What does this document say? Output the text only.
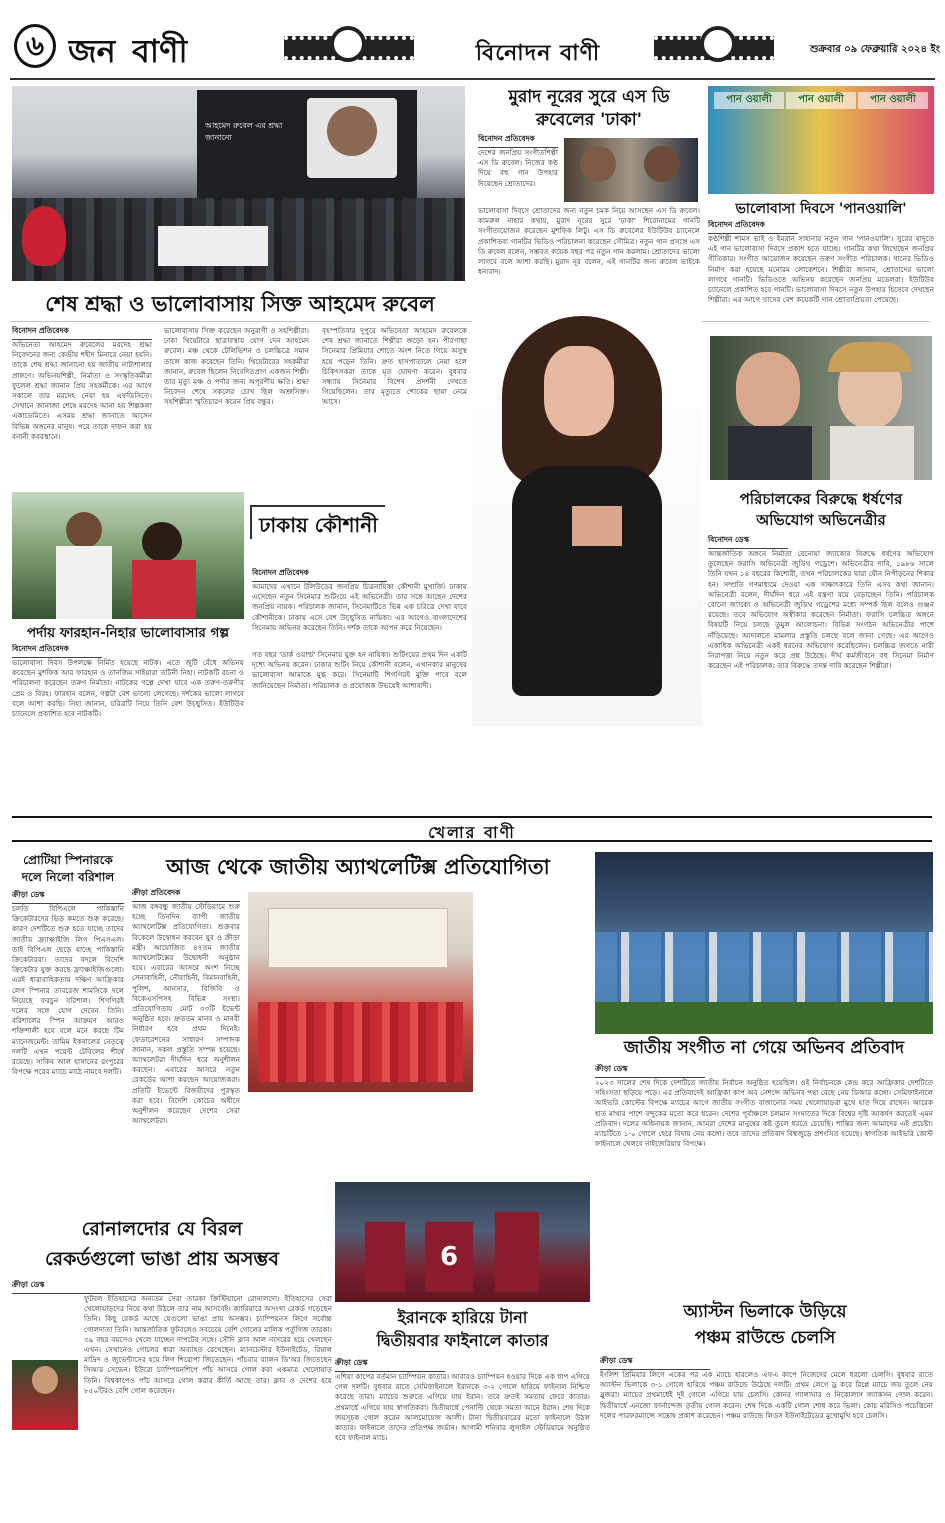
৬ জন বাণী	বিনোদন বাণী	শুক্রবার ০৯ ফেব্রুয়ারি ২০২৪ ইং
আহমেদ রুবেল এর শ্রদ্ধা জানানো
শেষ শ্রদ্ধা ও ভালোবাসায় সিক্ত আহমেদ রুবেল
বিনোদন প্রতিবেদক
অভিনেতা আহমেদ রুবেলের মরদেহ শ্রদ্ধা নিবেদনের জন্য কেন্দ্রীয় শহীদ মিনারে নেয়া হয়নি। তাকে শেষ শ্রদ্ধা জানানো হয় জাতীয় নাট্যশালার প্রাঙ্গণে। অভিনয়শিল্পী, নির্মাতা ও সংস্কৃতিকর্মীরা ফুলেল শ্রদ্ধা জানান প্রিয় সহকর্মীকে। এর আগে সকালে তার মরদেহ নেয়া হয় এফডিসিতে। সেখানে জানাজা শেষে মরদেহ আনা হয় শিল্পকলা একাডেমিতে। এসময় শ্রদ্ধা জানাতে আসেন বিভিন্ন অঙ্গনের মানুষ। পরে তাকে দাফন করা হয় বনানী কবরস্থানে।
ভালোবাসায় সিক্ত করেছেন অনুরাগী ও সহশিল্পীরা। ঢাকা থিয়েটারে ছাত্রাবস্থায় যোগ দেন আহমেদ রুবেল। মঞ্চ থেকে টেলিভিশন ও চলচ্চিত্রে সমান তালে কাজ করেছেন তিনি। থিয়েটারের সহকর্মীরা জানান, রুবেল ছিলেন নিবেদিতপ্রাণ একজন শিল্পী। তার মৃত্যু মঞ্চ ও পর্দার জন্য অপূরণীয় ক্ষতি। শ্রদ্ধা নিবেদন শেষে সকলের চোখ ছিল অশ্রুসিক্ত। সহশিল্পীরা স্মৃতিচারণ করেন প্রিয় বন্ধুর।
বৃহস্পতিবার দুপুরে অভিনেতা আহমেদ রুবেলকে শেষ শ্রদ্ধা জানাতে শিল্পীরা জড়ো হন। পীরগাছা সিনেমার প্রিমিয়ার শোতে অংশ নিতে গিয়ে অসুস্থ হয়ে পড়েন তিনি। দ্রুত হাসপাতালে নেয়া হলে চিকিৎসকরা তাকে মৃত ঘোষণা করেন। বুধবার সন্ধ্যায় সিনেমার বিশেষ প্রদর্শনী দেখতে গিয়েছিলেন। তার মৃত্যুতে শোকের ছায়া নেমে আসে।
মুরাদ নূরের সুরে এস ডি রুবেলের 'ঢাকা'
বিনোদন প্রতিবেদক
দেশের জনপ্রিয় সংগীতশিল্পী এস ডি রুবেল। নিজের কণ্ঠ দিয়ে বহু গান উপহার দিয়েছেন শ্রোতাদের।
ভালোবাসা দিবসে শ্রোতাদের জন্য নতুন চমক নিয়ে আসছেন এস ডি রুবেল। কামরুল নাহার কথায়, মুরাদ নূরের সুরে 'ঢাকা' শিরোনামের গানটি সংগীতায়োজন করেছেন মুশফিক লিটু। এস ডি রুবেলের ইউটিউব চ্যানেলে প্রকাশিতব্য গানটির ভিডিও পরিচালনা করেছেন সৌমিত্র। নতুন গান প্রসঙ্গে এস ডি রুবেল বলেন, সম্ভবত কয়েক বছর পর নতুন গান করলাম। শ্রোতাদের ভালো লাগবে বলে আশা করছি। মুরাদ নূর বলেন, এই গানটির জন্য রুবেল ভাইকে ধন্যবাদ।
ঢাকায় কৌশানী
বিনোদন প্রতিবেদক
আমাদের এখানে টলিউডের জনপ্রিয় চিত্রনায়িকা কৌশানী মুখার্জি। ঢাকায় এসেছেন নতুন সিনেমার শুটিংয়ে এই অভিনেত্রী। তার সঙ্গে আছেন দেশের জনপ্রিয় নায়ক। পরিচালক জানান, সিনেমাটিতে ভিন্ন এক চরিত্রে দেখা যাবে কৌশানীকে। ঢাকায় এসে বেশ উচ্ছ্বসিত নায়িকা। এর আগেও বাংলাদেশের সিনেমায় অভিনয় করেছেন তিনি। দর্শক তাকে আপন করে নিয়েছেন।
গত বছর 'ডার্ক ওয়ার্ল্ড' সিনেমায় যুক্ত হন নায়িকা। শুটিংয়ের প্রথম দিন একটি দৃশ্যে অভিনয় করেন। ঢাকার শুটিং নিয়ে কৌশানী বলেন, এখানকার মানুষের ভালোবাসা আমাকে মুগ্ধ করে। সিনেমাটি শিগগিরই মুক্তি পাবে বলে জানিয়েছেন নির্মাতা। পরিচালক ও প্রযোজক উভয়েই আশাবাদী।
পর্দায় ফারহান-নিহার ভালোবাসার গল্প
বিনোদন প্রতিবেদক
ভালোবাসা দিবস উপলক্ষে নির্মিত হয়েছে নাটক। এতে জুটি বেঁধে অভিনয় করেছেন মুশফিক আর ফারহান ও তানজিম সাইয়ারা তটিনী নিহা। নাটকটি রচনা ও পরিচালনা করেছেন তরুণ নির্মাতা। নাটকের গল্পে দেখা যাবে এক তরুণ-তরুণীর প্রেম ও বিরহ। ফারহান বলেন, গল্পটা বেশ ভালো লেগেছে। দর্শকের ভালো লাগবে বলে আশা করছি। নিহা জানান, চরিত্রটি নিয়ে তিনি বেশ উচ্ছ্বসিত। ইউটিউব চ্যানেলে প্রকাশিত হবে নাটকটি।
পান ওয়ালী	পান ওয়ালী	পান ওয়ালী
ভালোবাসা দিবসে 'পানওয়ালি'
বিনোদন প্রতিবেদক
কণ্ঠশিল্পী শামস ভাই ও ইমরান সাহানার নতুন গান 'পানওয়ালি'। সুরের যাদুতে এই গান ভালোবাসা দিবসে প্রকাশ হতে যাচ্ছে। গানটির কথা লিখেছেন জনপ্রিয় গীতিকার। সংগীত আয়োজন করেছেন তরুণ সংগীত পরিচালক। গানের ভিডিও নির্মাণ করা হয়েছে মনোরম লোকেশনে। শিল্পীরা জানান, শ্রোতাদের ভালো লাগবে গানটি। ভিডিওতে অভিনয় করেছেন জনপ্রিয় মডেলরা। ইউটিউব চ্যানেলে প্রকাশিত হবে গানটি। ভালোবাসা দিবসে নতুন উপহার হিসেবে দেখছেন শিল্পীরা। এর আগে তাদের বেশ কয়েকটি গান শ্রোতাপ্রিয়তা পেয়েছে।
পরিচালকের বিরুদ্ধে ধর্ষণের
অভিযোগ অভিনেত্রীর
বিনোদন ডেস্ক
আন্তর্জাতিক অঙ্গনে নির্মাতা বেনোয়া জ্যাকোর বিরুদ্ধে ধর্ষণের অভিযোগ তুলেছেন ফরাসি অভিনেত্রী জুডিথ গড্রেশে। অভিনেত্রীর দাবি, ১৯৮৬ সালে তিনি যখন ১৪ বছরের কিশোরী, তখন পরিচালকের দ্বারা যৌন নিপীড়নের শিকার হন। সম্প্রতি গণমাধ্যমে দেওয়া এক সাক্ষাৎকারে তিনি এসব কথা জানান। অভিনেত্রী বলেন, দীর্ঘদিন ধরে এই যন্ত্রণা বয়ে বেড়াচ্ছেন তিনি। পরিচালক বোনো জ্যাকো ও অভিনেত্রী জুডিথ গড্রেশের মধ্যে সম্পর্ক ছিল বলেও গুঞ্জন রয়েছে। তবে অভিযোগ অস্বীকার করেছেন নির্মাতা। ফরাসি চলচ্চিত্র অঙ্গনে বিষয়টি নিয়ে চলছে তুমুল আলোচনা। বিভিন্ন সংগঠন অভিনেত্রীর পাশে দাঁড়িয়েছে। আদালতে মামলার প্রস্তুতি চলছে বলে জানা গেছে। এর আগেও একাধিক অভিনেত্রী একই ধরনের অভিযোগ করেছিলেন। চলচ্চিত্র জগতে নারী নিরাপত্তা নিয়ে নতুন করে প্রশ্ন উঠেছে। দীর্ঘ কর্মজীবনে বহু সিনেমা নির্মাণ করেছেন এই পরিচালক। তার বিরুদ্ধে তদন্ত দাবি করেছেন শিল্পীরা।
খেলার বাণী
প্রোটিয়া স্পিনারকে দলে নিলো বরিশাল
ক্রীড়া ডেস্ক
চলতি বিপিএলে পাকিস্তানি ক্রিকেটারদের ভিড় কমতে শুরু করেছে। কারণ দেশটিতে শুরু হতে যাচ্ছে তাদের জাতীয় ফ্র্যাঞ্চাইজি লিগ পিএসএল। তাই বিপিএল ছেড়ে যাচ্ছে পাকিস্তানি ক্রিকেটাররা। তাদের বদলে বিদেশি ক্রিকেটার যুক্ত করছে ফ্র্যাঞ্চাইজিগুলো। এরই ধারাবাহিকতায় দক্ষিণ আফ্রিকার লেগ স্পিনার তাবরেজ শামসিকে দলে নিয়েছে ফরচুন বরিশাল। শিগগিরই দলের সঙ্গে যোগ দেবেন তিনি। বরিশালের স্পিন আক্রমণ আরও শক্তিশালী হবে বলে মনে করছে টিম ম্যানেজমেন্ট। তামিম ইকবালের নেতৃত্বে দলটি এখন পয়েন্ট টেবিলের শীর্ষে রয়েছে। সাকিব আল হাসানের রংপুরের বিপক্ষে পরের ম্যাচে মাঠে নামবে দলটি।
আজ থেকে জাতীয় অ্যাথলেটিক্স প্রতিযোগিতা
ক্রীড়া প্রতিবেদক
আজ বঙ্গবন্ধু জাতীয় স্টেডিয়ামে শুরু হচ্ছে তিনদিন ব্যাপী জাতীয় অ্যাথলেটিক্স প্রতিযোগিতা। শুক্রবার বিকেলে উদ্বোধন করবেন যুব ও ক্রীড়া মন্ত্রী। আয়োজিত ৪৭তম জাতীয় অ্যাথলেটিক্সের উদ্বোধনী অনুষ্ঠান হবে। এবারের আসরে অংশ নিচ্ছে সেনাবাহিনী, নৌবাহিনী, বিমানবাহিনী, পুলিশ, আনসার, বিজিবি ও বিকেএসপিসহ বিভিন্ন সংস্থা। প্রতিযোগিতায় মোট ৩৩টি ইভেন্ট অনুষ্ঠিত হবে। দ্রুততম মানব ও মানবী নির্ধারণ হবে প্রথম দিনেই। ফেডারেশনের সাধারণ সম্পাদক জানান, সকল প্রস্তুতি সম্পন্ন হয়েছে। অ্যাথলেটরা দীর্ঘদিন ধরে অনুশীলন করছেন। এবারের আসরে নতুন রেকর্ডের আশা করছেন আয়োজকরা। প্রতিটি ইভেন্টে বিজয়ীদের পুরস্কৃত করা হবে। বিদেশি কোচের অধীনে অনুশীলন করেছেন দেশের সেরা অ্যাথলেটরা।
জাতীয় সংগীত না গেয়ে অভিনব প্রতিবাদ
ক্রীড়া ডেস্ক
২০২৩ সালের শেষ দিকে দেশটিতে জাতীয় নির্বাচন অনুষ্ঠিত হয়েছিল। ওই নির্বাচনকে কেন্দ্র করে আফ্রিকার দেশটিতে সহিংসতা ছড়িয়ে পড়ে। এর প্রতিবাদেই আফ্রিকা কাপ অব নেশন্সে অভিনব পন্থা বেছে নেয় ডিআর কঙ্গো। সেমিফাইনালে আইভরি কোস্টের বিপক্ষে ম্যাচের আগে জাতীয় সংগীত বাজানোর সময় খেলোয়াড়রা মুখে হাত দিয়ে রাখেন। আরেক হাত মাথার পাশে বন্দুকের মতো করে ধরেন। দেশের পূর্বাঞ্চলে চলমান সংঘাতের দিকে বিশ্বের দৃষ্টি আকর্ষণ করতেই এমন প্রতিবাদ। দলের অধিনায়ক জানান, আমরা দেশের মানুষের কষ্ট তুলে ধরতে চেয়েছি। শান্তির জন্য আমাদের এই প্রচেষ্টা। ম্যাচটিতে ১-০ গোলে হেরে বিদায় নেয় কঙ্গো। তবে তাদের প্রতিবাদ বিশ্বজুড়ে প্রশংসিত হয়েছে। স্বাগতিক আইভরি কোস্ট ফাইনালে খেলবে নাইজেরিয়ার বিপক্ষে।
রোনালদোর যে বিরল
রেকর্ডগুলো ভাঙা প্রায় অসম্ভব
ক্রীড়া ডেস্ক
ফুটবল ইতিহাসের অন্যতম সেরা তারকা ক্রিস্টিয়ানো রোনালদো। ইতিহাসের সেরা খেলোয়াড়দের নিয়ে কথা উঠলে তার নাম আসবেই। ক্যারিয়ারে অসংখ্য রেকর্ড গড়েছেন তিনি। কিছু রেকর্ড আছে যেগুলো ভাঙা প্রায় অসম্ভব। চ্যাম্পিয়নস লিগে সর্বোচ্চ গোলদাতা তিনি। আন্তর্জাতিক ফুটবলেও সবচেয়ে বেশি গোলের মালিক পর্তুগিজ তারকা। ৩৯ বছর বয়সেও খেলে যাচ্ছেন দাপটের সঙ্গে। সৌদি ক্লাব আল নাসরের হয়ে খেলছেন এখন। সেখানেও গোলের ধারা অব্যাহত রেখেছেন। ম্যানচেস্টার ইউনাইটেড, রিয়াল মাদ্রিদ ও জুভেন্টাসের হয়ে লিগ শিরোপা জিতেছেন। পাঁচবার ব্যালন ডি'অর জিতেছেন সিআর সেভেন। ইউরো চ্যাম্পিয়নশিপে পাঁচ আসরে গোল করা একমাত্র খেলোয়াড় তিনি। বিশ্বকাপেও পাঁচ আসরে গোল করার কীর্তি আছে তার। ক্লাব ও দেশের হয়ে ৮৫০টিরও বেশি গোল করেছেন।
6
ইরানকে হারিয়ে টানা
দ্বিতীয়বার ফাইনালে কাতার
ক্রীড়া ডেস্ক
এশিয়া কাপের বর্তমান চ্যাম্পিয়ন কাতার। আবারও চ্যাম্পিয়ন হওয়ার দিকে এক ধাপ এগিয়ে গেল দলটি। বুধবার রাতে সেমিফাইনালে ইরানকে ৩-২ গোলে হারিয়ে ফাইনাল নিশ্চিত করেছে তারা। ম্যাচের শুরুতে এগিয়ে যায় ইরান। তবে দ্রুতই সমতায় ফেরে কাতার। প্রথমার্ধে এগিয়ে যায় স্বাগতিকরা। দ্বিতীয়ার্ধে পেনাল্টি থেকে সমতা আনে ইরান। শেষ দিকে জয়সূচক গোল করেন আলমোয়েজ আলী। টানা দ্বিতীয়বারের মতো ফাইনালে উঠল কাতার। ফাইনালে তাদের প্রতিপক্ষ জর্ডান। আগামী শনিবার লুসাইল স্টেডিয়ামে অনুষ্ঠিত হবে ফাইনাল ম্যাচ।
অ্যাস্টন ভিলাকে উড়িয়ে
পঞ্চম রাউন্ডে চেলসি
ক্রীড়া ডেস্ক
ইংলিশ প্রিমিয়ার লিগে একের পর এক ম্যাচে হারলেও এফএ কাপে নিজেদের মেলে ধরলো চেলসি। বুধবার রাতে অ্যাস্টন ভিলাকে ৩-১ গোলে হারিয়ে পঞ্চম রাউন্ডে উঠেছে দলটি। প্রথম লেগে ড্র করে রিপ্লে ম্যাচে জয় তুলে নেয় ব্লুজরা। ম্যাচের প্রথমার্ধেই দুই গোলে এগিয়ে যায় চেলসি। কোনর গ্যালাঘার ও নিকোলাস জ্যাকসন গোল করেন। দ্বিতীয়ার্ধে এনজো ফার্নান্দেজ তৃতীয় গোল করেন। শেষ দিকে একটি গোল শোধ করে ভিলা। কোচ মরিসিও পচেত্তিনো দলের পারফরম্যান্সে সন্তোষ প্রকাশ করেছেন। পঞ্চম রাউন্ডে লিডস ইউনাইটেডের মুখোমুখি হবে চেলসি।
